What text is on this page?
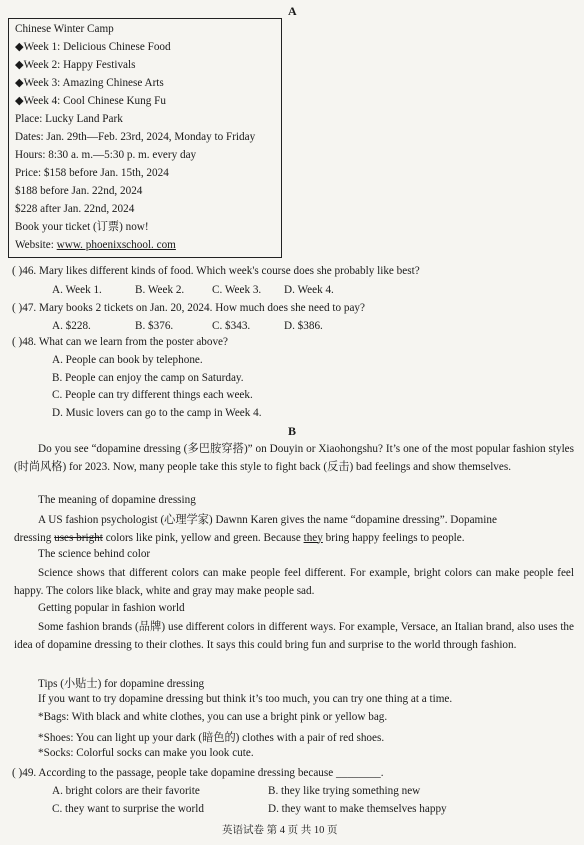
A
Chinese Winter Camp
◆Week 1: Delicious Chinese Food
◆Week 2: Happy Festivals
◆Week 3: Amazing Chinese Arts
◆Week 4: Cool Chinese Kung Fu
Place: Lucky Land Park
Dates: Jan. 29th—Feb. 23rd, 2024, Monday to Friday
Hours: 8:30 a. m.—5:30 p. m. every day
Price: $158 before Jan. 15th, 2024
$188 before Jan. 22nd, 2024
$228 after Jan. 22nd, 2024
Book your ticket (订票) now!
Website: www. phoenixschool. com
( )46. Mary likes different kinds of food. Which week's course does she probably like best?
A. Week 1.	B. Week 2. C. Week 3. D. Week 4.
( )47. Mary books 2 tickets on Jan. 20, 2024. How much does she need to pay?
A. $228.	B. $376.	C. $343.	D. $386.
( )48. What can we learn from the poster above?
A. People can book by telephone.
B. People can enjoy the camp on Saturday.
C. People can try different things each week.
D. Music lovers can go to the camp in Week 4.
B
Do you see “dopamine dressing (多巴胺穿搭)” on Douyin or Xiaohongshu? It’s one of the most popular fashion styles (时尚风格) for 2023. Now, many people take this style to fight back (反击) bad feelings and show themselves.
The meaning of dopamine dressing
A US fashion psychologist (心理学家) Dawnn Karen gives the name “dopamine dressing”. Dopamine
dressing uses bright colors like pink, yellow and green. Because they bring happy feelings to people.
The science behind color
Science shows that different colors can make people feel different. For example, bright colors can make people feel happy. The colors like black, white and gray may make people sad.
Getting popular in fashion world
Some fashion brands (品牌) use different colors in different ways. For example, Versace, an Italian brand, also uses the idea of dopamine dressing to their clothes. It says this could bring fun and surprise to the world through fashion.
Tips (小贴士) for dopamine dressing
If you want to try dopamine dressing but think it’s too much, you can try one thing at a time.
*Bags: With black and white clothes, you can use a bright pink or yellow bag.
*Shoes: You can light up your dark (暗色的) clothes with a pair of red shoes.
*Socks: Colorful socks can make you look cute.
( )49. According to the passage, people take dopamine dressing because ________.
A. bright colors are their favorite	B. they like trying something new
C. they want to surprise the world	D. they want to make themselves happy
英语试卷 第 4 页 共 10 页
